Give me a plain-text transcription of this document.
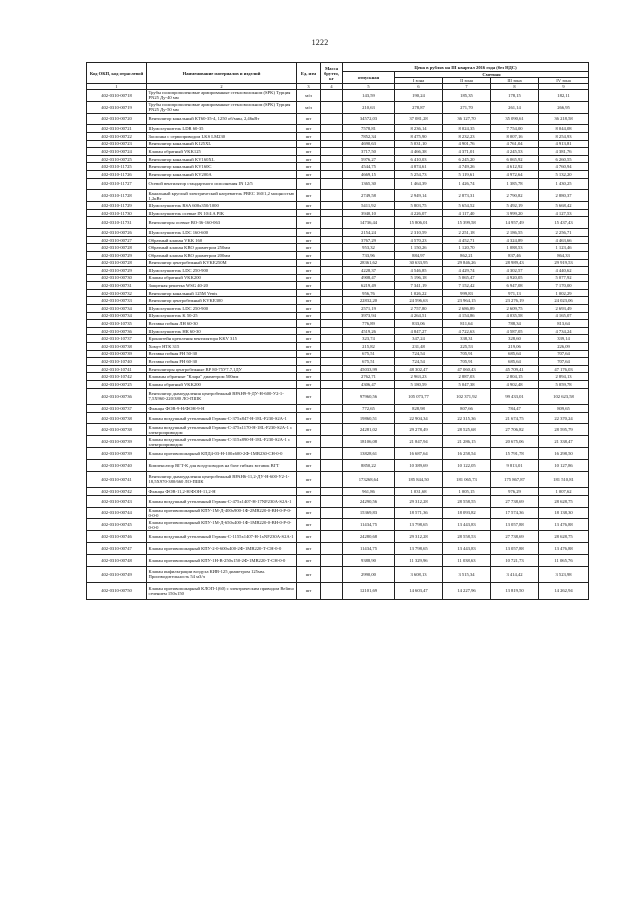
1222
Код ОКП, код отраслевой	Наименование материалов и изделий	Ед. изм	Масса брутто, кг	Цена в рублях на III квартал 2016 года (без НДС)				
				отпускная	Сметная			
					I зона	II зона	III зона	IV зона
1	2	3	4	5	6	7	8	9
402-0310-00718	Трубы полипропиленовые армированные стекловолокном (SPK) Турция PN25 Ду-40 мм	м/п		143,59	190,24	185,35	178,15	182,11
402-0310-00719	Трубы полипропиленовые армированные стекловолокном (SPK) Турция PN25 Ду-50 мм	м/п		210,63	278,87	271,70	261,14	266,95
402-0310-00720	Вентилятор канальный КТ60-35-4, 1250 об/мин, 2,46кВт	шт		34572,03	37 081,28	36 127,70	35 090,61	36 218,58
402-0310-00721	Шумоглушитель LDR 60-35	шт		7578,81	8 236,14	8 024,35	7 754,00	8 044,08
402-0310-00722	Заслонка с сервоприводом LKS LM230	шт		7852,34	8 475,90	8 232,23	8 007,16	8 254,93
402-0310-00723	Вентилятор канальный K125XL	шт		4690,63	5 031,10	4 901,76	4 761,04	4 913,81
402-0310-00724	Клапан обратный VKK125	шт		3717,50	4 466,38	4 371,01	4 245,53	4 381,76
402-0310-00725	Вентилятор канальный KV160XL	шт		5976,27	6 410,03	6 245,20	6 065,92	6 260,55
402-0310-11725	Вентилятор канальный KV160C	шт		4544,75	4 874,61	4 749,26	4 612,92	4 760,94
402-0310-11726	Вентилятор канальный KV200A	шт		4669,15	5 254,73	5 119,61	4 972,64	5 132,20
402-0310-11727	Осевой вентилятор стандартного исполнения IN 12/5	шт		1365,30	1 464,39	1 426,74	1 385,78	1 430,25
402-0310-11728	Канальный круглый электрический нагреватель PBEC 160/1,2 мощностью 1,2кВт	шт		2749,58	2 949,14	2 873,31	2 790,82	2 880,37
402-0310-11729	Шумоглушитель RSA 600x350/1000	шт		5411,92	5 803,75	5 654,52	5 492,19	5 668,42
402-0310-11730	Шумоглушитель осевые IN 10/4 A PIK	шт		3940,10	4 226,07	4 117,40	3 999,20	4 127,53
402-0310-11731	Вентиляторы осевые BO-36-160-063	шт		14736,44	15 806,01	15 399,58	14 957,49	15 437,43
402-0310-00726	Шумоглушитель LDC 160-600	шт		2154,24	2 310,59	2 251,18	2 186,55	2 256,71
402-0310-00727	Обратный клапан VKK 160	шт		3767,29	4 570,23	4 452,71	4 324,89	4 463,66
402-0310-00728	Обратный клапан KBO диаметром 250мм	шт		953,32	1 150,26	1 120,70	1 088,53	1 123,46
402-0310-00729	Обратный клапан KBO диаметром 200мм	шт		733,96	884,97	862,21	837,46	864,33
402-0310-00728	Вентилятор центробежный KVKE250M	шт		28361,62	30 633,95	29 846,26	28 989,43	29 919,53
402-0310-00729	Шумоглушитель LDC 250-900	шт		4228,37	4 546,85	4 429,74	4 302,57	4 440,62
402-0310-00730	Клапан обратный VKK200	шт		4908,47	5 196,18	5 065,47	4 920,05	5 077,92
402-0310-00731	Защитная решетка WSG 40-20	шт		6219,49	7 341,19	7 152,42	6 947,08	7 170,00
402-0310-00732	Вентилятор канальный 125М Vents	шт		956,76	1 026,22	999,83	971,13	1 002,29
402-0310-00733	Вентилятор центробежный KVKE300	шт		22832,20	24 596,63	23 964,15	23 276,19	24 023,06
402-0310-00734	Шумоглушитель LDC 250-900	шт		2571,19	2 757,80	2 686,89	2 609,75	2 693,49
402-0310-00734	Шумоглушитель K 50-25	шт		3973,94	4 264,51	4 154,86	4 035,58	4 165,07
402-0310-10735	Вставка гибкая ЛН 60-30	шт		776,89	833,06	811,64	788,34	813,64
402-0310-00736	Шумоглушитель НК 60-30	шт		4519,26	4 847,27	4 722,63	4 587,05	4 734,24
402-0310-10737	Кронштейн крепления вентилятора KKV 315	шт		323,74	347,24	338,31	328,60	339,14
402-0310-00738	Хомут НТК 315	шт		215,82	231,48	225,53	219,06	226,09
402-0310-00739	Вставка гибкая FH 50-30	шт		675,51	724,54	705,91	685,64	707,64
402-0310-10740	Вставка гибкая FH 60-30	шт		675,51	724,54	705,91	685,64	707,64
402-0310-10741	Вентиляторы центробежные ВР 80-75У7.7,1ДУ	шт		45033,99	48 302,47	47 060,43	45 709,41	47 176,03
402-0310-10742	Клапаны обратные "Клара" диаметром 500мм	шт		2762,71	2 963,23	2 887,03	2 804,15	2 894,13
402-0310-00725	Клапан обратный VKK200	шт		4306,47	5 180,59	5 047,38	4 902,48	5 059,78
402-0310-00736	Вентилятор дымоудаления центробежный ВРАН9-9-ДУ-Н-600-У2-1-7,5Х960-220/380 ЛО-ПШК	шт		97960,56	105 073,77	102 371,92	99 433,01	102 623,58
402-0310-00737	Фланцы ФОВ-9-Н/ФОН-9-Н	шт		772,65	828,98	807,66	784,47	809,65
402-0310-00738	Клапан воздушный утепленный Гермик-С-375х847-Н-18L-F230-S2A-1	шт		19860,51	22 904,34	22 315,36	21 674,75	22 370,24
402-0310-00738	Клапан воздушный утепленный Гермик-С-475х1170-Н-18L-F230-S2A-1 с электроприводом	шт		24281,02	29 278,49	28 525,68	27 706,82	28 595,79
402-0310-00739	Клапан воздушный утепленный Гермик-С-315х890-Н-18L-F230-S2A-1 с электроприводом	шт		18106,08	21 847,94	21 286,15	20 675,06	21 338,47
402-0310-00739	Клапан противопожарный КПД4-03-Н-100х600-2Ф-1МВ230-СН-0-0	шт		13828,61	16 687,64	16 258,54	15 791,78	16 298,50
402-0310-00740	Компенсатор ВГТ-К для воздуховодов на базе гибких вставок ВГТ	шт		8850,22	10 389,69	10 122,05	9 813,01	10 127,86
402-0310-00741	Вентилятор дымоудаления центробежный ВРАН6-11,2-ДУ-Н-600-У2-1-18,5Х970-380/660 ЛО-ПШК	шт		173268,64	185 844,50	181 065,73	175 867,87	181 510,81
402-0310-00742	Фланцы ФОВ-11,2-Н/ФОН-11,2-Н	шт		961,86	1 031,68	1 005,15	976,29	1 007,62
402-0310-00743	Клапан воздушный утепленный Гермик-С-475х1407-Н-17NF230A-S2A-1	шт		24290,56	29 312,28	28 558,55	27 738,69	28 628,75
402-0310-00744	Клапан противопожарный КПУ-1М-Д-400х900-1Ф-2МВ220-0-ВН-0-Р-0-0-0-0	шт		15369,83	18 571,36	18 093,82	17 574,36	18 138,30
402-0310-00745	Клапан противопожарный КПУ-1М-Д-650х400-1Ф-1МВ220-0-ВН-0-Р-0-0-0-0	шт		11434,75	13 798,65	13 443,83	13 057,88	13 476,88
402-0310-00746	Клапан воздушный утепленный Гермик-С-1155х1407-Н-1xNF230A-S2A-1	шт		24280,68	29 312,28	28 558,53	27 738,69	28 628,75
402-0310-00747	Клапан противопожарный КПУ-2-0-600х400-2Ф-1МВ220-Т-СН-0-0	шт		11434,75	13 798,65	13 443,83	13 057,88	13 476,88
402-0310-00748	Клапан противопожарный КПУ-1Н-В-250х150-2Ф-1МВ220-Т-СН-0-0	шт		9388,90	11 329,96	11 038,63	10 721,73	11 065,76
402-0310-00749	Клапан инфильтрации воздуха КИВ-125 диаметром 125мм. Производительность 54 м3/ч	шт		2990,00	3 608,13	3 515,34	3 414,42	3 523,98
402-0310-00750	Клапан противопожарный КЛОП-1(60) с электрическим приводом Belimo сечением 150х150	шт		12101,69	14 603,47	14 227,96	13 819,50	14 262,94
